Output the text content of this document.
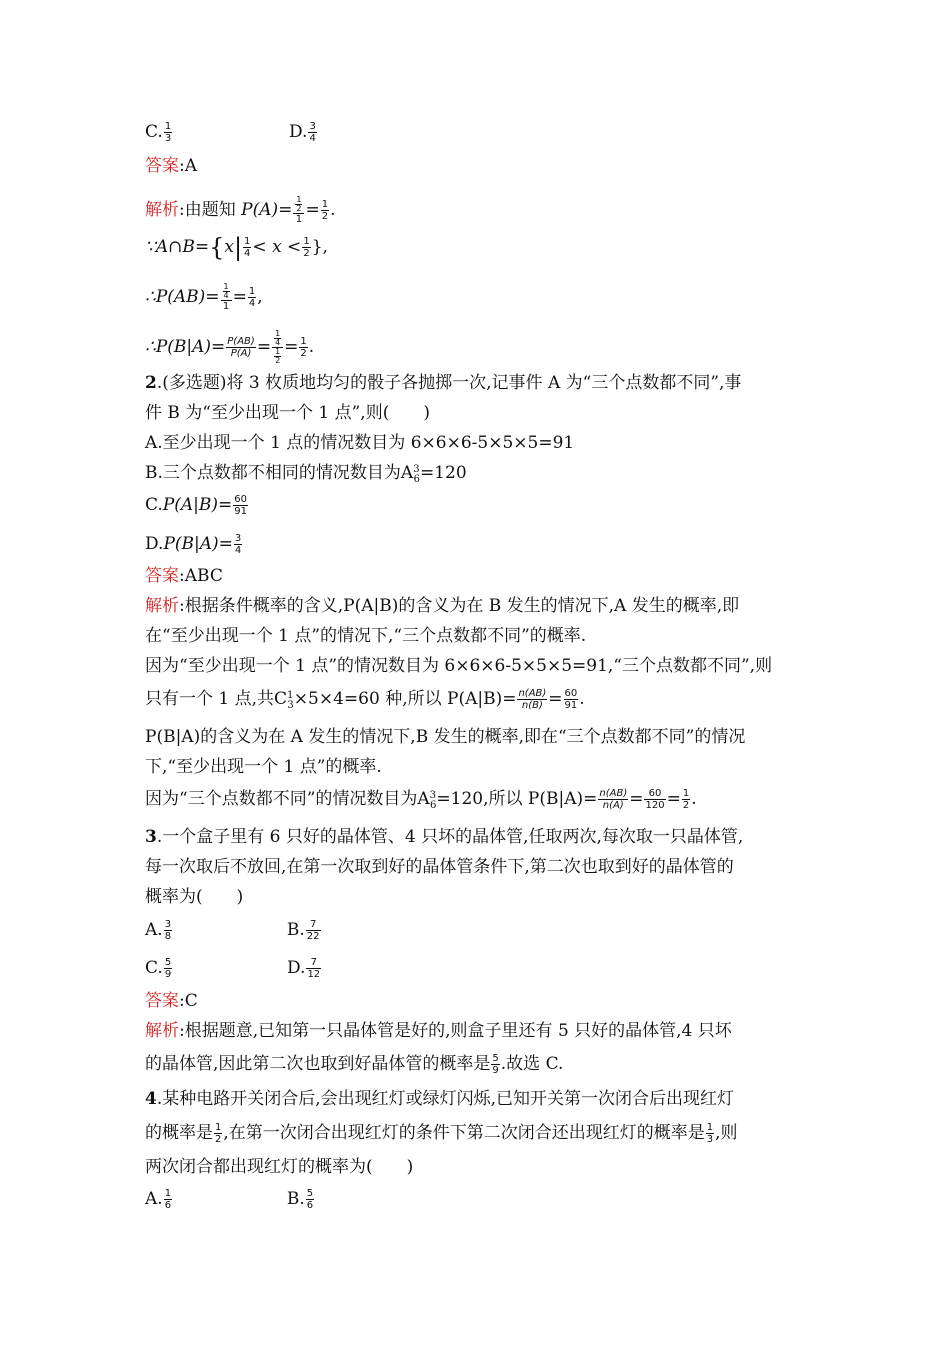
C. $\frac{1}{3}$	D. $\frac{3}{4}$
答案:A
解析:由题知 $P(A)= \frac{\frac{1}{2}}{1} = \frac{1}{2}$ .
∵A∩B={x| $\frac{1}{4} < x < \frac{1}{2}$ },
∴P(AB)= $\frac{\frac{1}{4}}{1} = \frac{1}{4}$ ,
∴P(B|A)= $\frac{P(AB)}{P(A)} = \frac{\frac{1}{4}}{\frac{1}{2}} = \frac{1}{2}$ .
2.(多选题)将 3 枚质地均匀的骰子各抛掷一次,记事件 A 为“三个点数都不同”,事
件 B 为“至少出现一个 1 点”,则(　　)
A.至少出现一个 1 点的情况数目为 6×6×6-5×5×5=91
B.三个点数都不相同的情况数目为$A^3_6=120$
$C.P(A|B)= \frac{60}{91}$
$D.P(B|A)= \frac{3}{4}$
答案:ABC
解析:根据条件概率的含义,P(A|B)的含义为在 B 发生的情况下,A 发生的概率,即
在“至少出现一个 1 点”的情况下,“三个点数都不同”的概率.
因为“至少出现一个 1 点”的情况数目为 6×6×6-5×5×5=91,“三个点数都不同”,则
只有一个 1 点,共$C^1_3\times 5\times 4=60$ 种,所以 $P(A|B)= \frac{n(AB)}{n(B)} = \frac{60}{91}$ .
P(B|A)的含义为在 A 发生的情况下,B 发生的概率,即在“三个点数都不同”的情况
下,“至少出现一个 1 点”的概率.
因为“三个点数都不同”的情况数目为$A^3_6=120$,所以 $P(B|A)= \frac{n(AB)}{n(A)} = \frac{60}{120} = \frac{1}{2}$ .
3.一个盒子里有 6 只好的晶体管、4 只坏的晶体管,任取两次,每次取一只晶体管,
每一次取后不放回,在第一次取到好的晶体管条件下,第二次也取到好的晶体管的
概率为(　　)
A. $\frac{3}{8}$	B. $\frac{7}{22}$
C. $\frac{5}{9}$	D. $\frac{7}{12}$
答案:C
解析:根据题意,已知第一只晶体管是好的,则盒子里还有 5 只好的晶体管,4 只坏
的晶体管,因此第二次也取到好晶体管的概率是 $\frac{5}{9}$ .故选 C.
4.某种电路开关闭合后,会出现红灯或绿灯闪烁,已知开关第一次闭合后出现红灯
的概率是 $\frac{1}{2}$ ,在第一次闭合出现红灯的条件下第二次闭合还出现红灯的概率是 $\frac{1}{3}$ ,则
两次闭合都出现红灯的概率为(　　)
A. $\frac{1}{6}$	B. $\frac{5}{6}$
